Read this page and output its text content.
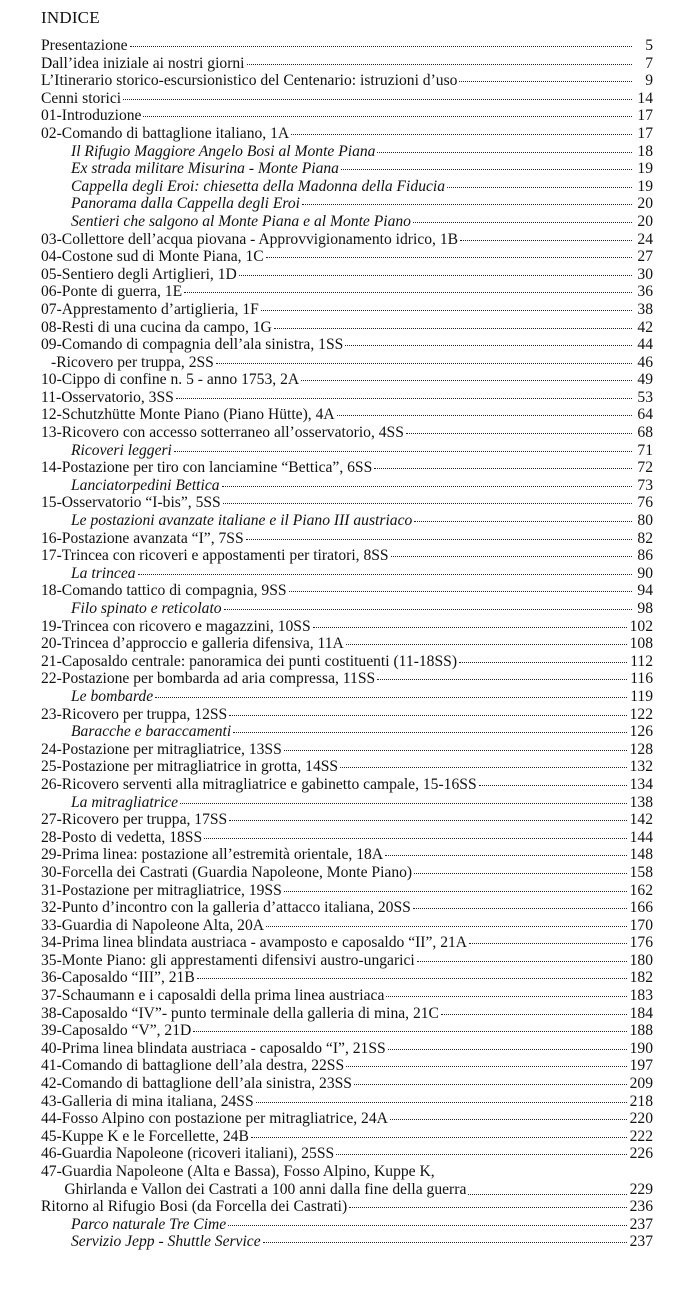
INDICE
Presentazione	5
Dall’idea iniziale ai nostri giorni	7
L’Itinerario storico-escursionistico del Centenario: istruzioni d’uso	9
Cenni storici	14
01-Introduzione	17
02-Comando di battaglione italiano, 1A	17
Il Rifugio Maggiore Angelo Bosi al Monte Piana	18
Ex strada militare Misurina - Monte Piana	19
Cappella degli Eroi: chiesetta della Madonna della Fiducia	19
Panorama dalla Cappella degli Eroi	20
Sentieri che salgono al Monte Piana e al Monte Piano	20
03-Collettore dell’acqua piovana - Approvvigionamento idrico, 1B	24
04-Costone sud di Monte Piana, 1C	27
05-Sentiero degli Artiglieri, 1D	30
06-Ponte di guerra, 1E	36
07-Apprestamento d’artiglieria, 1F	38
08-Resti di una cucina da campo, 1G	42
09-Comando di compagnia dell’ala sinistra, 1SS	44
-Ricovero per truppa, 2SS	46
10-Cippo di confine n. 5 - anno 1753, 2A	49
11-Osservatorio, 3SS	53
12-Schutzhütte Monte Piano (Piano Hütte), 4A	64
13-Ricovero con accesso sotterraneo all’osservatorio, 4SS	68
Ricoveri leggeri	71
14-Postazione per tiro con lanciamine “Bettica”, 6SS	72
Lanciatorpedini Bettica	73
15-Osservatorio “I-bis”, 5SS	76
Le postazioni avanzate italiane e il Piano III austriaco	80
16-Postazione avanzata “I”, 7SS	82
17-Trincea con ricoveri e appostamenti per tiratori, 8SS	86
La trincea	90
18-Comando tattico di compagnia, 9SS	94
Filo spinato e reticolato	98
19-Trincea con ricovero e magazzini, 10SS	102
20-Trincea d’approccio e galleria difensiva, 11A	108
21-Caposaldo centrale: panoramica dei punti costituenti (11-18SS)	112
22-Postazione per bombarda ad aria compressa, 11SS	116
Le bombarde	119
23-Ricovero per truppa, 12SS	122
Baracche e baraccamenti	126
24-Postazione per mitragliatrice, 13SS	128
25-Postazione per mitragliatrice in grotta, 14SS	132
26-Ricovero serventi alla mitragliatrice e gabinetto campale, 15-16SS	134
La mitragliatrice	138
27-Ricovero per truppa, 17SS	142
28-Posto di vedetta, 18SS	144
29-Prima linea: postazione all’estremità orientale, 18A	148
30-Forcella dei Castrati (Guardia Napoleone, Monte Piano)	158
31-Postazione per mitragliatrice, 19SS	162
32-Punto d’incontro con la galleria d’attacco italiana, 20SS	166
33-Guardia di Napoleone Alta, 20A	170
34-Prima linea blindata austriaca - avamposto e caposaldo “II”, 21A	176
35-Monte Piano: gli apprestamenti difensivi austro-ungarici	180
36-Caposaldo “III”, 21B	182
37-Schaumann e i caposaldi della prima linea austriaca	183
38-Caposaldo “IV”- punto terminale della galleria di mina, 21C	184
39-Caposaldo “V”, 21D	188
40-Prima linea blindata austriaca - caposaldo “I”, 21SS	190
41-Comando di battaglione dell’ala destra, 22SS	197
42-Comando di battaglione dell’ala sinistra, 23SS	209
43-Galleria di mina italiana, 24SS	218
44-Fosso Alpino con postazione per mitragliatrice, 24A	220
45-Kuppe K e le Forcellette, 24B	222
46-Guardia Napoleone (ricoveri italiani), 25SS	226
47-Guardia Napoleone (Alta e Bassa), Fosso Alpino, Kuppe K,
Ghirlanda e Vallon dei Castrati a 100 anni dalla fine della guerra	229
Ritorno al Rifugio Bosi (da Forcella dei Castrati)	236
Parco naturale Tre Cime	237
Servizio Jepp - Shuttle Service	237
